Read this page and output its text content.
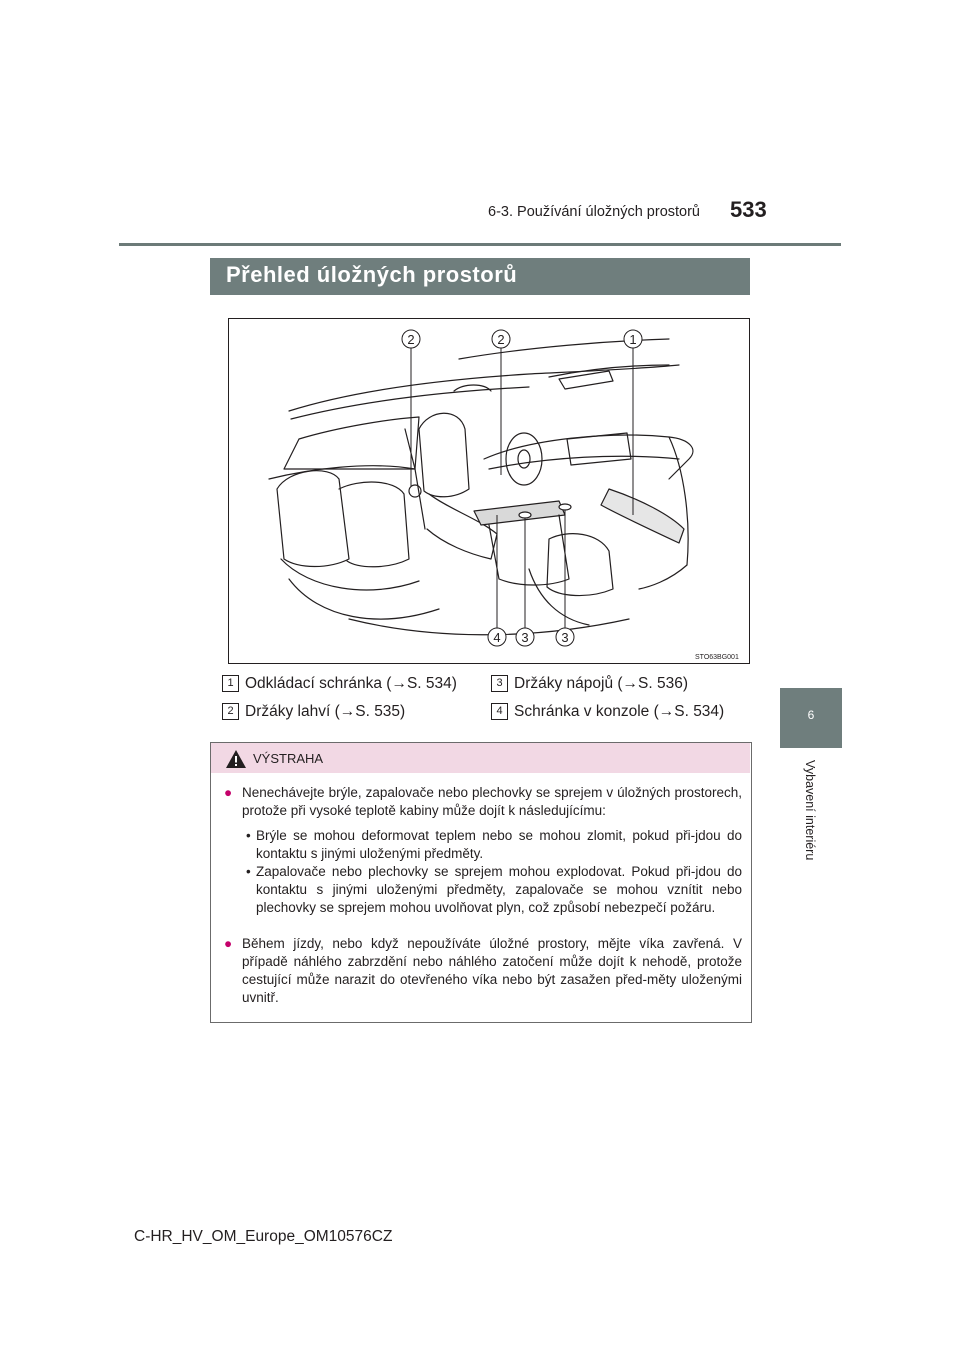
6-3. Používání úložných prostorů 533
6
Vybavení interiéru
Přehled úložných prostorů
2	2	1
4 3	3
STO63BG001
1 Odkládací schránka (→S. 534)
2 Držáky lahví (→S. 535)
3 Držáky nápojů (→S. 536)
4 Schránka v konzole (→S. 534)
VÝSTRAHA
● Nenechávejte brýle, zapalovače nebo plechovky se sprejem v úložných prostorech, protože při vysoké teplotě kabiny může dojít k následujícímu:

• Brýle se mohou deformovat teplem nebo se mohou zlomit, pokud při-jdou do kontaktu s jinými uloženými předměty.

• Zapalovače nebo plechovky se sprejem mohou explodovat. Pokud při-jdou do kontaktu s jinými uloženými předměty, zapalovače se mohou vznítit nebo plechovky se sprejem mohou uvolňovat plyn, což způsobí nebezpečí požáru.

● Během jízdy, nebo když nepoužíváte úložné prostory, mějte víka zavřená. V případě náhlého zabrzdění nebo náhlého zatočení může dojít k nehodě, protože cestující může narazit do otevřeného víka nebo být zasažen před-měty uloženými uvnitř.

C-HR_HV_OM_Europe_OM10576CZ
